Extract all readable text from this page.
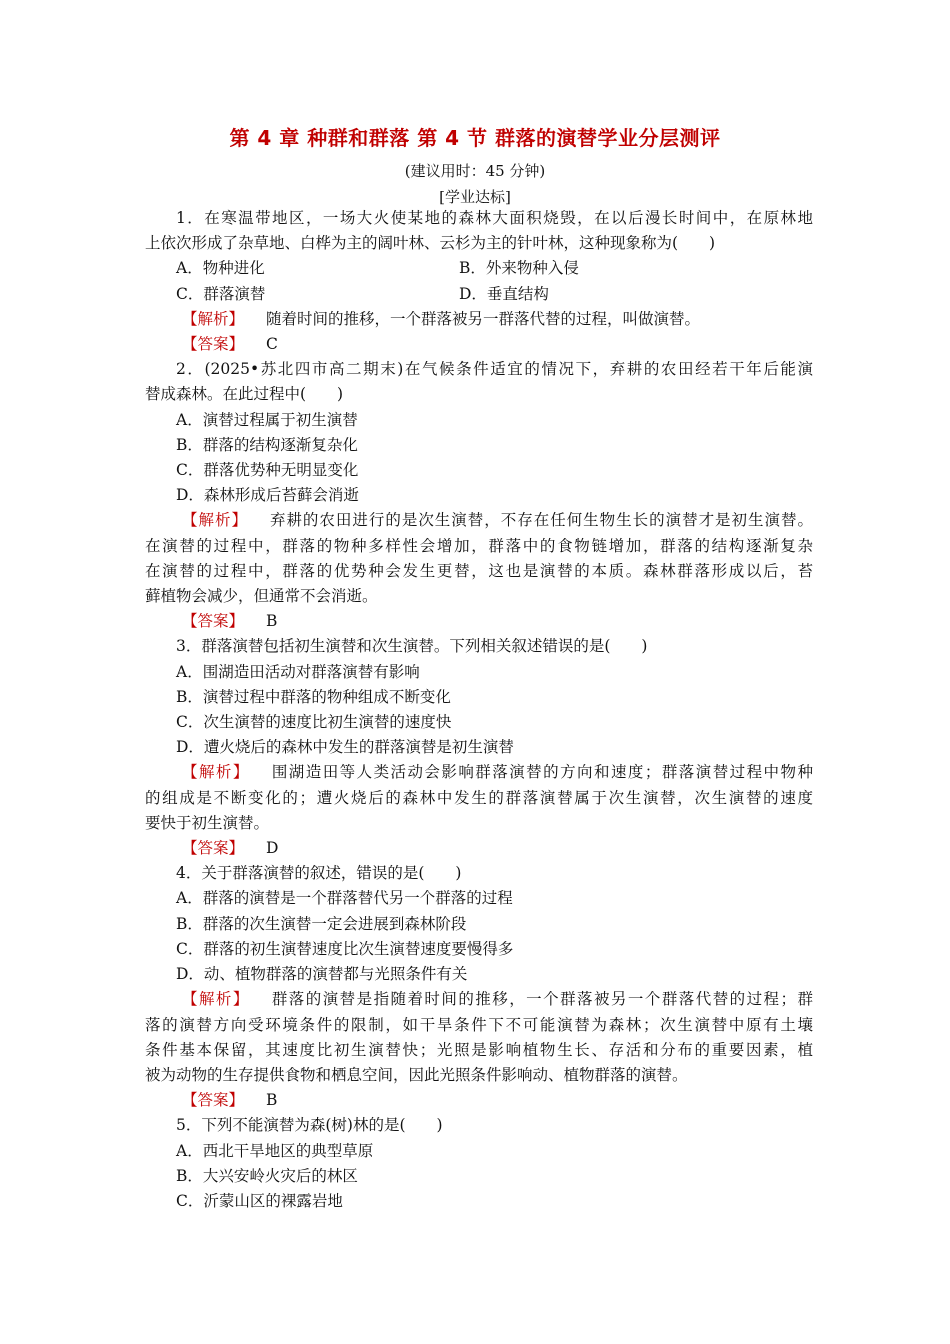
第 4 章 种群和群落 第 4 节 群落的演替学业分层测评
(建议用时：45 分钟)
[学业达标]
1．在寒温带地区，一场大火使某地的森林大面积烧毁，在以后漫长时间中，在原林地
上依次形成了杂草地、白桦为主的阔叶林、云杉为主的针叶林，这种现象称为(　　)
A．物种进化	B．外来物种入侵
C．群落演替	D．垂直结构
【解析】 随着时间的推移，一个群落被另一群落代替的过程，叫做演替。
【答案】 C
2．(2025•苏北四市高二期末)在气候条件适宜的情况下，弃耕的农田经若干年后能演
替成森林。在此过程中(　　)
A．演替过程属于初生演替
B．群落的结构逐渐复杂化
C．群落优势种无明显变化
D．森林形成后苔藓会消逝
【解析】 弃耕的农田进行的是次生演替，不存在任何生物生长的演替才是初生演替。
在演替的过程中，群落的物种多样性会增加，群落中的食物链增加，群落的结构逐渐复杂
在演替的过程中，群落的优势种会发生更替，这也是演替的本质。森林群落形成以后，苔
藓植物会减少，但通常不会消逝。
【答案】 B
3．群落演替包括初生演替和次生演替。下列相关叙述错误的是(　　)
A．围湖造田活动对群落演替有影响
B．演替过程中群落的物种组成不断变化
C．次生演替的速度比初生演替的速度快
D．遭火烧后的森林中发生的群落演替是初生演替
【解析】 围湖造田等人类活动会影响群落演替的方向和速度；群落演替过程中物种
的组成是不断变化的；遭火烧后的森林中发生的群落演替属于次生演替，次生演替的速度
要快于初生演替。
【答案】 D
4．关于群落演替的叙述，错误的是(　　)
A．群落的演替是一个群落替代另一个群落的过程
B．群落的次生演替一定会进展到森林阶段
C．群落的初生演替速度比次生演替速度要慢得多
D．动、植物群落的演替都与光照条件有关
【解析】 群落的演替是指随着时间的推移，一个群落被另一个群落代替的过程；群
落的演替方向受环境条件的限制，如干旱条件下不可能演替为森林；次生演替中原有土壤
条件基本保留，其速度比初生演替快；光照是影响植物生长、存活和分布的重要因素，植
被为动物的生存提供食物和栖息空间，因此光照条件影响动、植物群落的演替。
【答案】 B
5．下列不能演替为森(树)林的是(　　)
A．西北干旱地区的典型草原
B．大兴安岭火灾后的林区
C．沂蒙山区的裸露岩地
